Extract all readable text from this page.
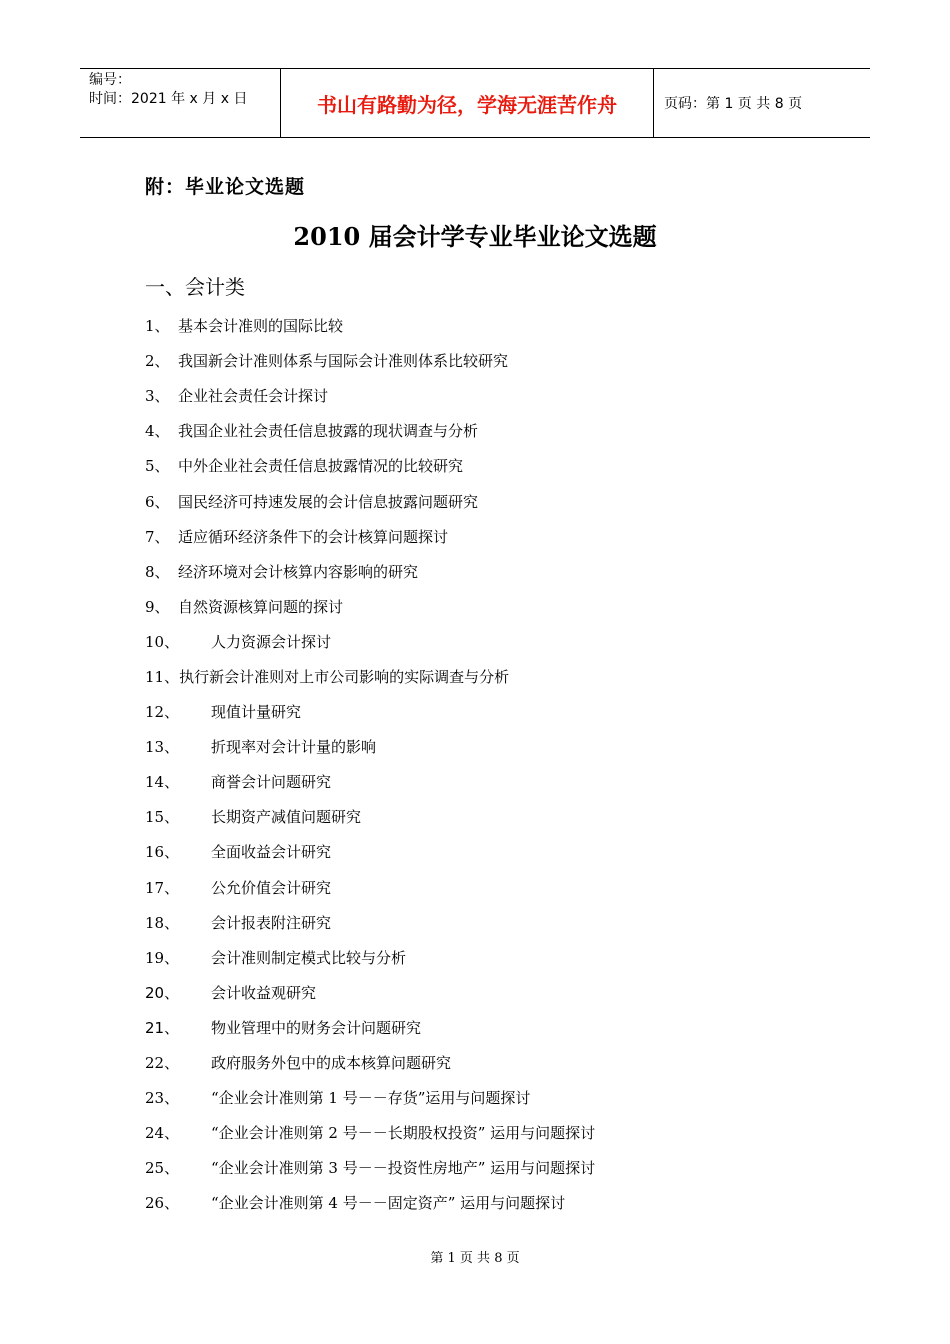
编号：
时间：2021 年 x 月 x 日	书山有路勤为径，学海无涯苦作舟	页码：第 1 页 共 8 页
附：毕业论文选题
2010 届会计学专业毕业论文选题
一、会计类
1、 基本会计准则的国际比较
2、 我国新会计准则体系与国际会计准则体系比较研究
3、 企业社会责任会计探讨
4、 我国企业社会责任信息披露的现状调查与分析
5、 中外企业社会责任信息披露情况的比较研究
6、 国民经济可持速发展的会计信息披露问题研究
7、 适应循环经济条件下的会计核算问题探讨
8、 经济环境对会计核算内容影响的研究
9、 自然资源核算问题的探讨
10、	人力资源会计探讨
11、 执行新会计准则对上市公司影响的实际调查与分析
12、	现值计量研究
13、	折现率对会计计量的影响
14、	商誉会计问题研究
15、	长期资产减值问题研究
16、	全面收益会计研究
17、	公允价值会计研究
18、	会计报表附注研究
19、	会计准则制定模式比较与分析
20、	会计收益观研究
21、	物业管理中的财务会计问题研究
22、	政府服务外包中的成本核算问题研究
23、	“企业会计准则第 1 号－－存货”运用与问题探讨
24、	“企业会计准则第 2 号－－长期股权投资” 运用与问题探讨
25、	“企业会计准则第 3 号－－投资性房地产” 运用与问题探讨
26、	“企业会计准则第 4 号－－固定资产” 运用与问题探讨
第 1 页 共 8 页
